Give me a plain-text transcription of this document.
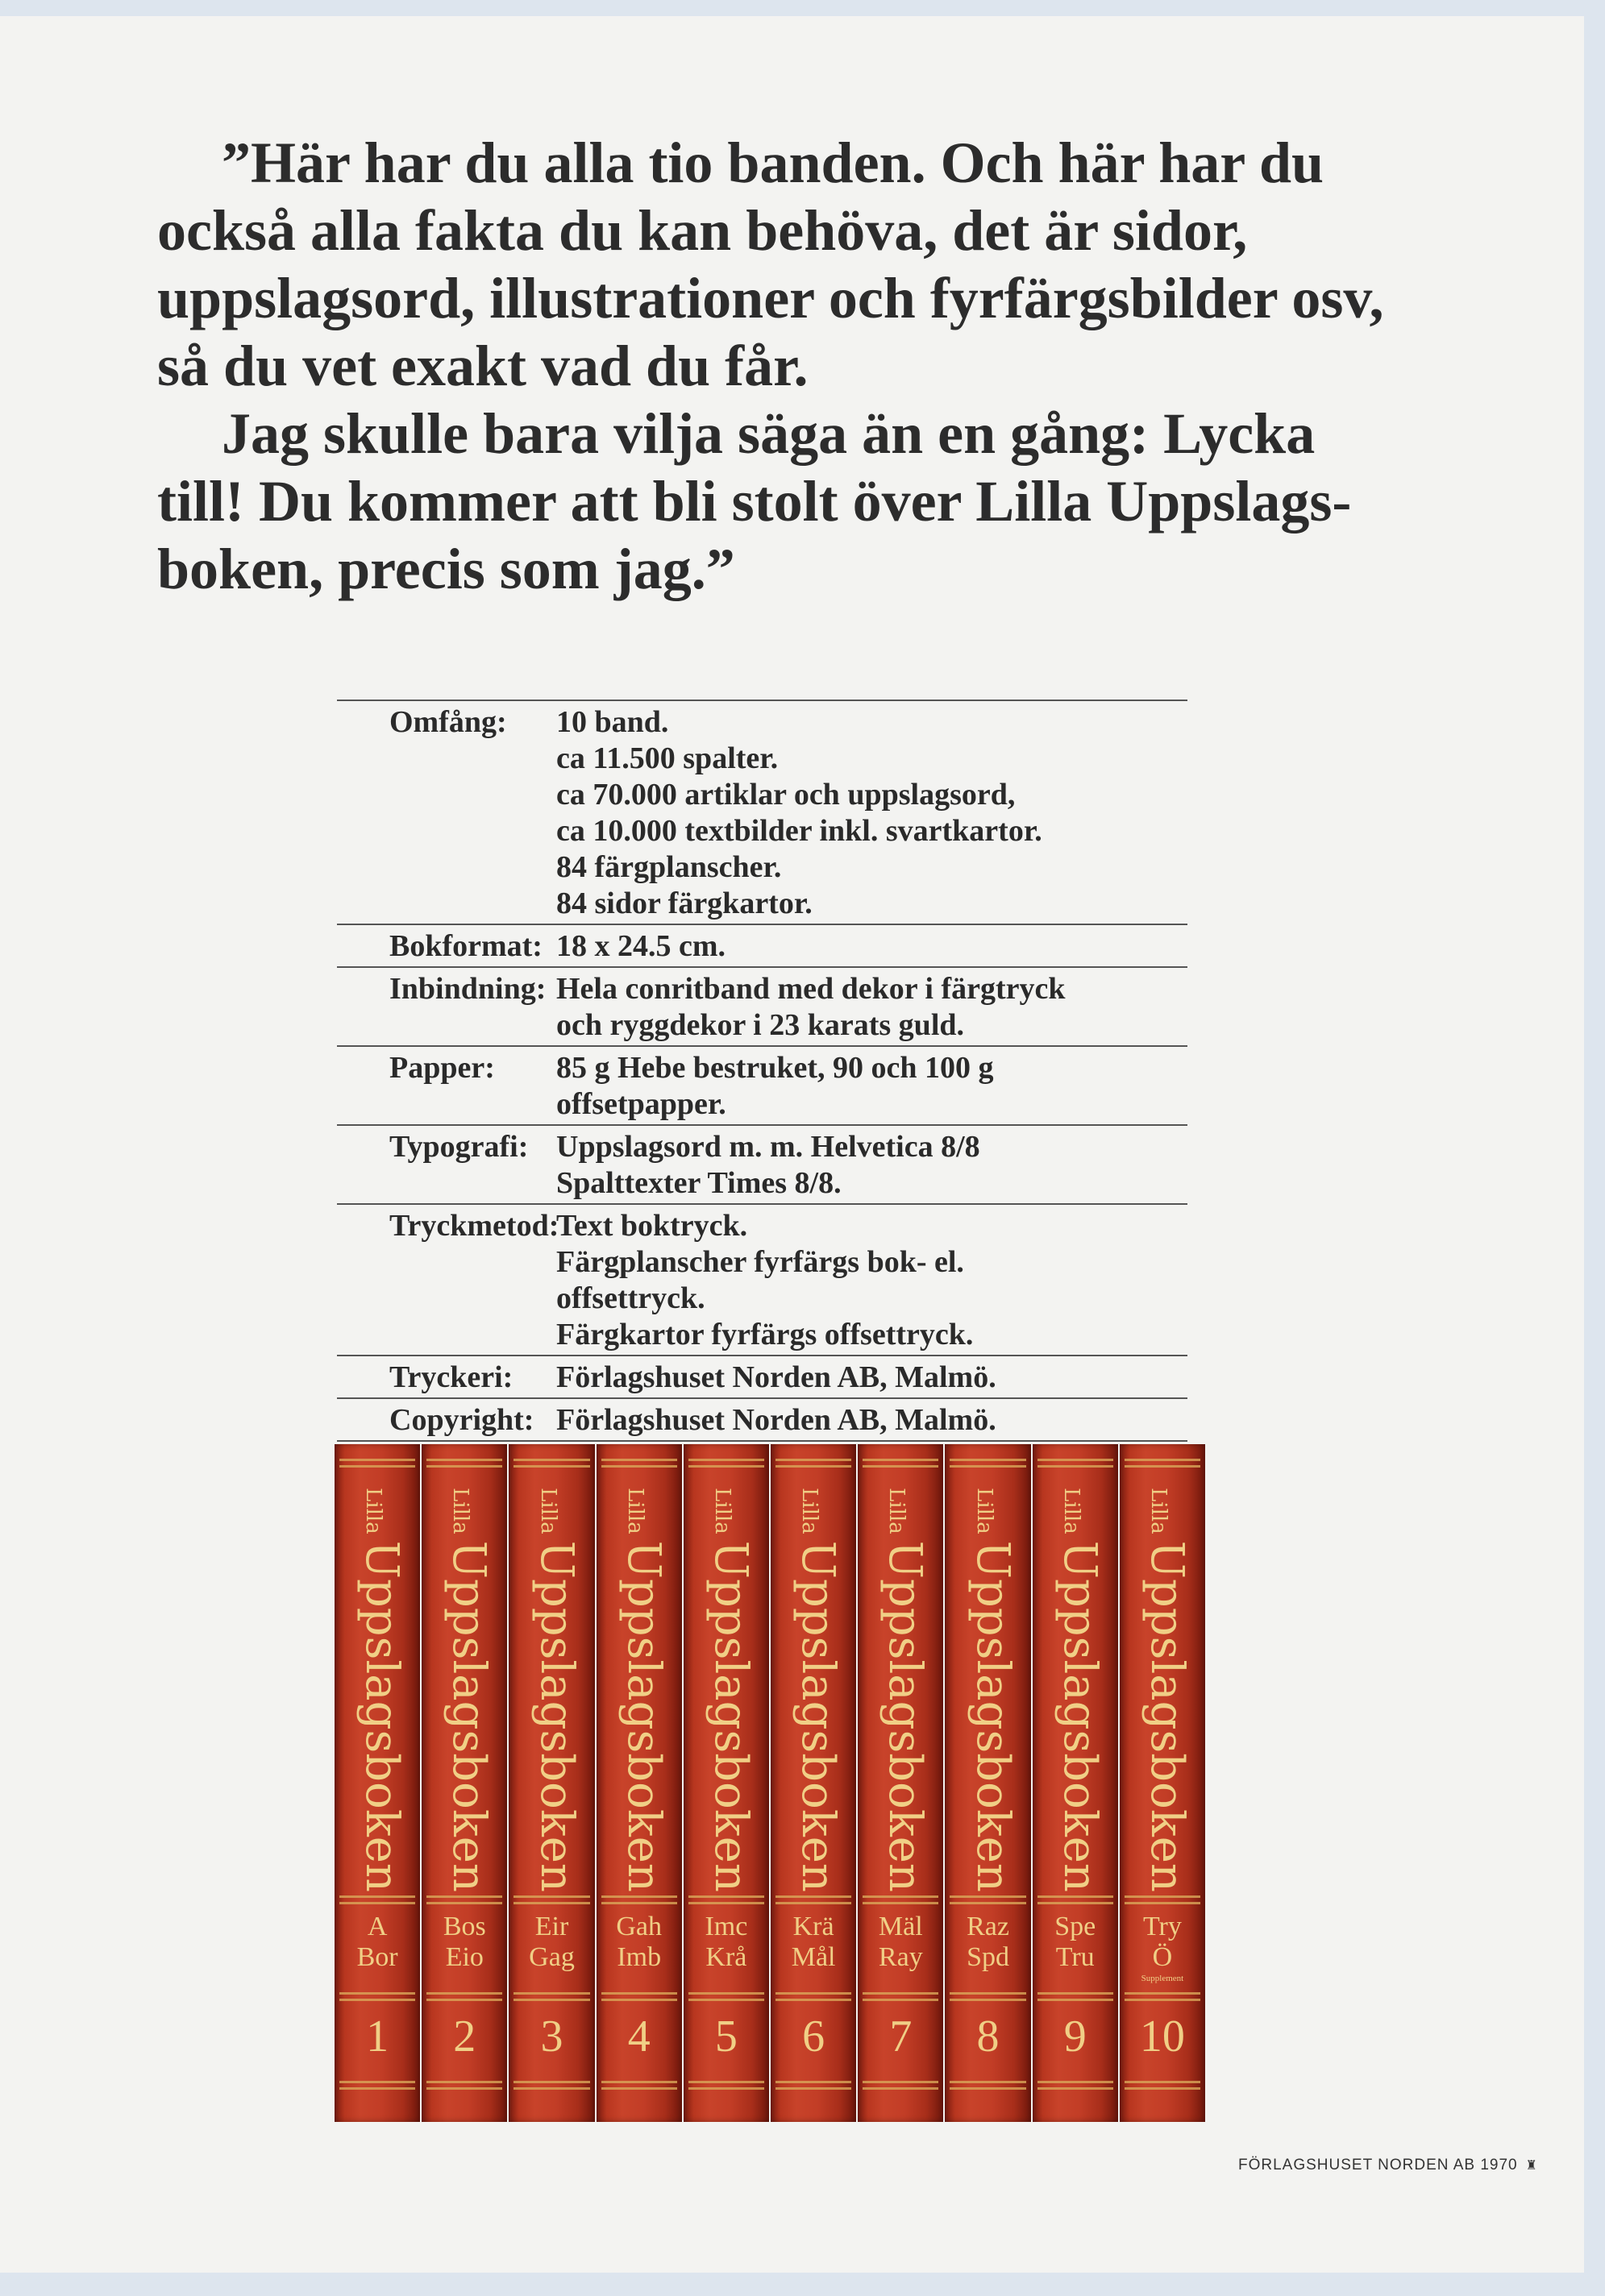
”Här har du alla tio banden. Och här har du också alla fakta du kan behöva, det är sidor, uppslagsord, illustrationer och fyrfärgsbilder osv, så du vet exakt vad du får.

Jag skulle bara vilja säga än en gång: Lycka till! Du kommer att bli stolt över Lilla Uppslags-boken, precis som jag.”

Omfång:	10 band.
ca 11.500 spalter.
ca 70.000 artiklar och uppslagsord,
ca 10.000 textbilder inkl. svartkartor.
84 färgplanscher.
84 sidor färgkartor.
Bokformat: 18 x 24.5 cm.
Inbindning: Hela conritband med dekor i färgtryck
och ryggdekor i 23 karats guld.
Papper:	85 g Hebe bestruket, 90 och 100 g
offsetpapper.
Typografi: Uppslagsord m. m. Helvetica 8/8
Spalttexter Times 8/8.
Tryckmetod:
Text boktryck.
Färgplanscher fyrfärgs bok- el.
offsettryck.
Färgkartor fyrfärgs offsettryck.
Tryckeri:	Förlagshuset Norden AB, Malmö.
Copyright: Förlagshuset Norden AB, Malmö.
LillaUppslagsboken
A
Bor
1
LillaUppslagsboken
Bos
Eio
2
LillaUppslagsboken
Eir
Gag
3
LillaUppslagsboken
Gah
Imb
4
LillaUppslagsboken
Imc
Krå
5
LillaUppslagsboken
Krä
Mål
6
LillaUppslagsboken
Mäl
Ray
7
LillaUppslagsboken
Raz
Spd
8
LillaUppslagsboken
Spe
Tru
9
LillaUppslagsboken
Try
Ö
Supplement
10
FÖRLAGSHUSET NORDEN AB 1970 ♜
